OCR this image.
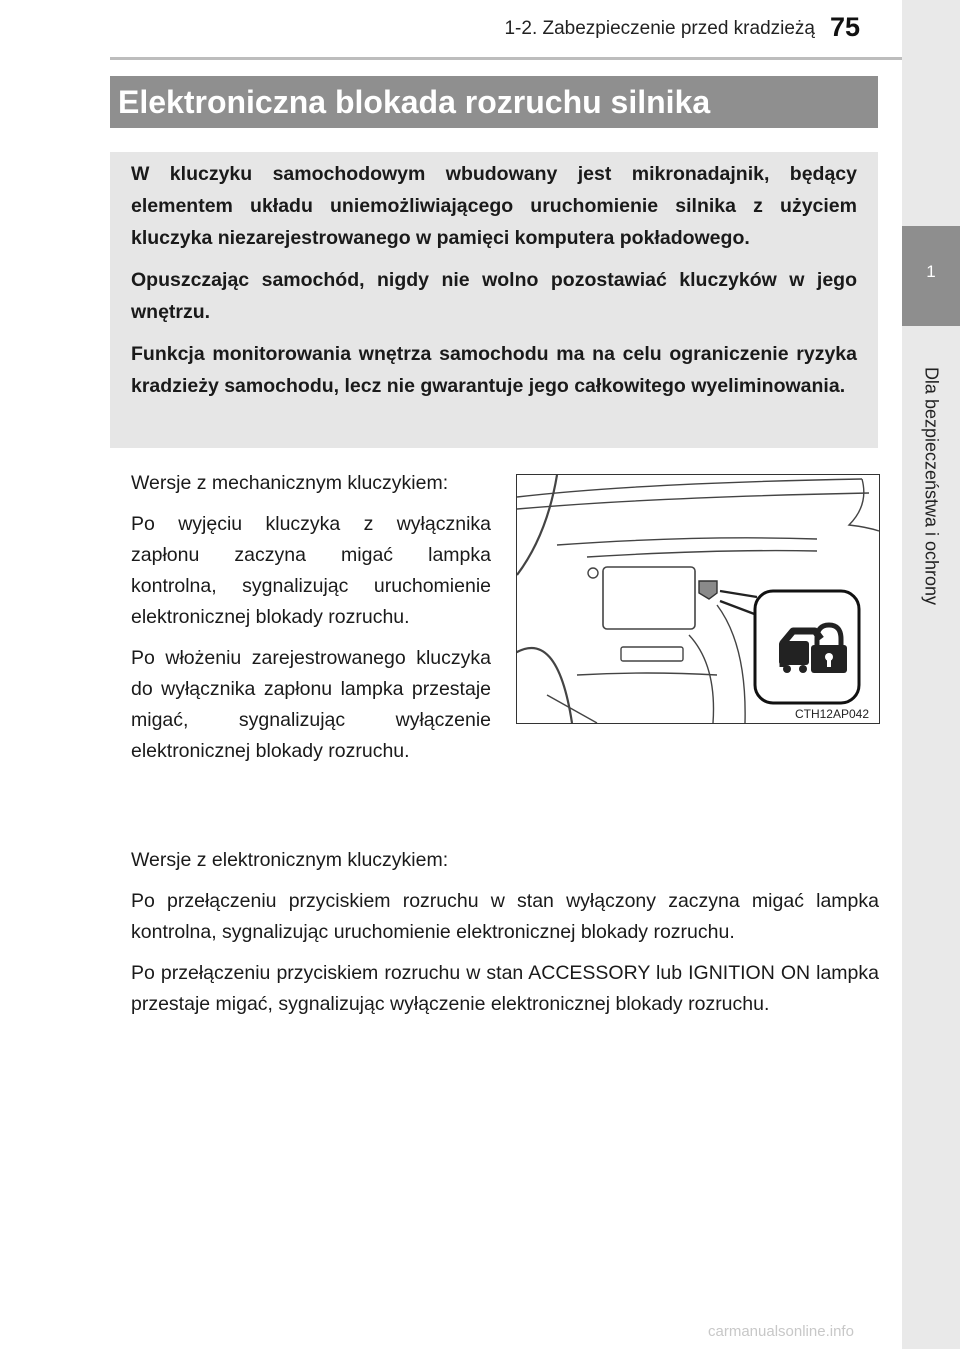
1
Dla bezpieczeństwa i ochrony
1-2. Zabezpieczenie przed kradzieżą 75
Elektroniczna blokada rozruchu silnika

W kluczyku samochodowym wbudowany jest mikronadajnik, będący elementem układu uniemożliwiającego uruchomienie silnika z użyciem kluczyka niezarejestrowanego w pamięci komputera pokładowego.

Opuszczając samochód, nigdy nie wolno pozostawiać kluczyków w jego wnętrzu.

Funkcja monitorowania wnętrza samochodu ma na celu ograniczenie ryzyka kradzieży samochodu, lecz nie gwarantuje jego całkowitego wyeliminowania.

Wersje z mechanicznym kluczykiem:

Po wyjęciu kluczyka z wyłącznika zapłonu zaczyna migać lampka kontrolna, sygnalizując uruchomienie elektronicznej blokady rozruchu.

Po włożeniu zarejestrowanego kluczyka do wyłącznika zapłonu lampka przestaje migać, sygnalizując wyłączenie elektronicznej blokady rozruchu.

CTH12AP042

Wersje z elektronicznym kluczykiem:

Po przełączeniu przyciskiem rozruchu w stan wyłączony zaczyna migać lampka kontrolna, sygnalizując uruchomienie elektronicznej blokady rozruchu.

Po przełączeniu przyciskiem rozruchu w stan ACCESSORY lub IGNITION ON lampka przestaje migać, sygnalizując wyłączenie elektronicznej blokady rozruchu.

carmanualsonline.info
